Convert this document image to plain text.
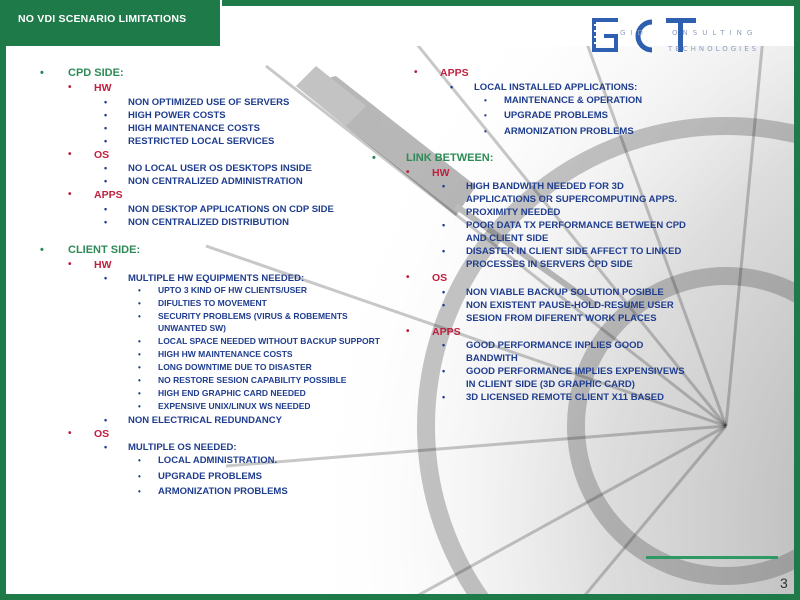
NO VDI SCENARIO LIMITATIONS
GID	ONSULTING
TECHNOLOGIES
• CPD SIDE:
• HW
• NON OPTIMIZED USE OF SERVERS
• HIGH POWER COSTS
• HIGH MAINTENANCE COSTS
• RESTRICTED LOCAL SERVICES
• OS
• NO LOCAL USER OS DESKTOPS INSIDE
• NON CENTRALIZED ADMINISTRATION
• APPS
• NON DESKTOP APPLICATIONS ON CDP SIDE
• NON CENTRALIZED DISTRIBUTION
• CLIENT SIDE:
• HW
• MULTIPLE HW EQUIPMENTS NEEDED:
• UPTO 3 KIND OF HW CLIENTS/USER
• DIFULTIES TO MOVEMENT
• SECURITY PROBLEMS (VIRUS & ROBEMENTS UNWANTED SW)
• LOCAL SPACE NEEDED WITHOUT BACKUP SUPPORT
• HIGH HW MAINTENANCE COSTS
• LONG DOWNTIME DUE TO DISASTER
• NO RESTORE SESION CAPABILITY POSSIBLE
• HIGH END GRAPHIC CARD NEEDED
• EXPENSIVE UNIX/LINUX WS NEEDED
• NON ELECTRICAL REDUNDANCY
• OS
• MULTIPLE OS NEEDED:
• LOCAL ADMINISTRATION.
• UPGRADE PROBLEMS
• ARMONIZATION PROBLEMS
• APPS
• LOCAL INSTALLED APPLICATIONS:
• MAINTENANCE & OPERATION
• UPGRADE PROBLEMS
• ARMONIZATION PROBLEMS
• LINK BETWEEN:
• HW
• HIGH BANDWITH NEEDED FOR 3D APPLICATIONS OR SUPERCOMPUTING APPS. PROXIMITY NEEDED
• POOR DATA TX PERFORMANCE BETWEEN CPD AND CLIENT SIDE
• DISASTER IN CLIENT SIDE AFFECT TO LINKED PROCESSES IN SERVERS CPD SIDE
• OS
• NON VIABLE BACKUP SOLUTION POSIBLE
• NON EXISTENT PAUSE-HOLD-RESUME USER SESION FROM DIFERENT WORK PLACES
• APPS
• GOOD PERFORMANCE INPLIES GOOD BANDWITH
• GOOD PERFORMANCE IMPLIES EXPENSIVEWS IN CLIENT SIDE (3D GRAPHIC CARD)
• 3D LICENSED REMOTE CLIENT X11 BASED
3
